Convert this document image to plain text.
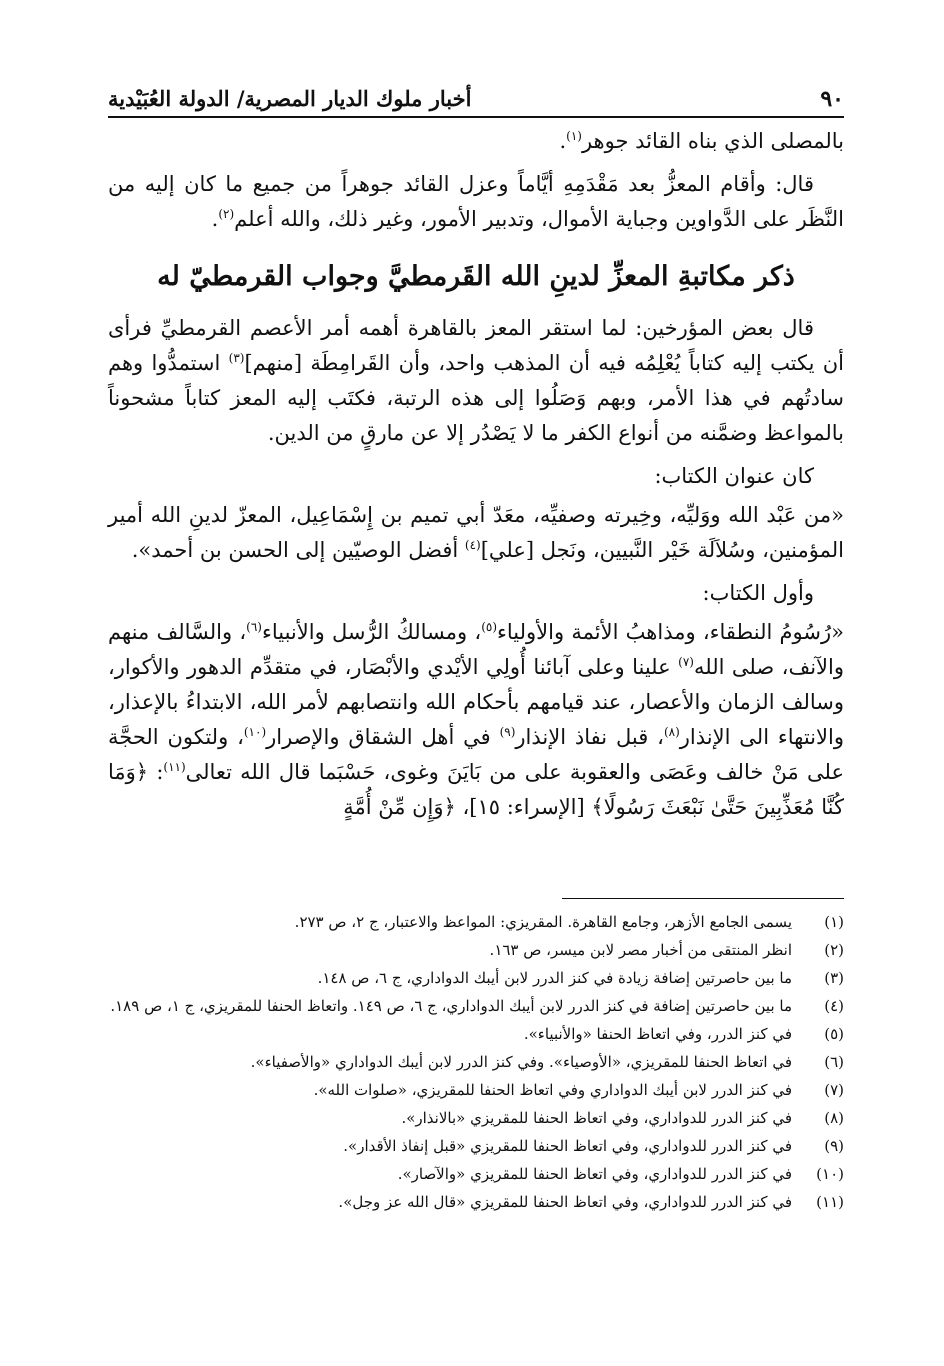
٩٠
أخبار ملوك الديار المصرية/ الدولة العُبَيْدية

بالمصلى الذي بناه القائد جوهر$^{(١)}$.

قال: وأقام المعزُّ بعد مَقْدَمِهِ أيَّاماً وعزل القائد جوهراً من جميع ما كان إليه من النَّظَر على الدَّواوين وجباية الأموال، وتدبير الأمور، وغير ذلك، والله أعلم$^{(٢)}$.

ذكر مكاتبةِ المعزِّ لدينِ الله القَرمطيَّ وجواب القرمطيّ له

قال بعض المؤرخين: لما استقر المعز بالقاهرة أهمه أمر الأعصم القرمطيِّ فرأى أن يكتب إليه كتاباً يُعْلِمُه فيه أن المذهب واحد، وأن القَرامِطَة [منهم]$^{(٣)}$ استمدُّوا وهم سادتُهم في هذا الأمر، وبهم وَصَلُوا إلى هذه الرتبة، فكتَب إليه المعز كتاباً مشحوناً بالمواعظ وضمَّنه من أنواع الكفر ما لا يَصْدُر إلا عن مارقٍ من الدين.

كان عنوان الكتاب:

«من عَبْد الله ووَليِّه، وخِيرته وصفيِّه، معَدّ أبي تميم بن إِسْمَاعِيل، المعزّ لدينِ الله أمير المؤمنين، وسُلاَلَة خَيْر النَّبيين، ونَجل [علي]$^{(٤)}$ أفضل الوصيّين إلى الحسن بن أحمد».

وأول الكتاب:

«رُسُومُ النطقاء، ومذاهبُ الأئمة والأولياء$^{(٥)}$، ومسالكُ الرُّسل والأنبياء$^{(٦)}$، والسَّالف منهم والآنف، صلى الله$^{(٧)}$ علينا وعلى آبائنا أُولِي الأيْدي والأبْصَار، في متقدِّم الدهور والأكوار، وسالف الزمان والأعصار، عند قيامهم بأحكام الله وانتصابهم لأمر الله، الابتداءُ بالإعذار، والانتهاء الى الإنذار$^{(٨)}$، قبل نفاذ الإنذار$^{(٩)}$ في أهل الشقاق والإصرار$^{(١٠)}$، ولتكون الحجَّة على مَنْ خالف وعَصَى والعقوبة على من بَايَنَ وغوى، حَسْبَما قال الله تعالى$^{(١١)}$: ﴿وَمَا كُنَّا مُعَذِّبِينَ حَتَّىٰ نَبْعَثَ رَسُولًا﴾ [الإسراء: ١٥]، ﴿وَإِن مِّنْ أُمَّةٍ

(١)
يسمى الجامع الأزهر، وجامع القاهرة. المقريزي: المواعظ والاعتبار، ج ٢، ص ٢٧٣.
(٢)
انظر المنتقى من أخبار مصر لابن ميسر، ص ١٦٣.
(٣)
ما بين حاصرتين إضافة زيادة في كنز الدرر لابن أيبك الدواداري، ج ٦، ص ١٤٨.
(٤)
ما بين حاصرتين إضافة في كنز الدرر لابن أيبك الدواداري، ج ٦، ص ١٤٩. واتعاظ الحنفا للمقريزي، ج ١، ص ١٨٩.
(٥)
في كنز الدرر، وفي اتعاظ الحنفا «والأنبياء».
(٦)
في اتعاظ الحنفا للمقريزي، «الأوصياء». وفي كنز الدرر لابن أيبك الدواداري «والأصفياء».
(٧)
في كنز الدرر لابن أيبك الدواداري وفي اتعاظ الحنفا للمقريزي، «صلوات الله».
(٨)
في كنز الدرر للدواداري، وفي اتعاظ الحنفا للمقريزي «بالانذار».
(٩)
في كنز الدرر للدواداري، وفي اتعاظ الحنفا للمقريزي «قبل إنفاذ الأقدار».
(١٠)
في كنز الدرر للدواداري، وفي اتعاظ الحنفا للمقريزي «والآصار».
(١١)
في كنز الدرر للدواداري، وفي اتعاظ الحنفا للمقريزي «قال الله عز وجل».
